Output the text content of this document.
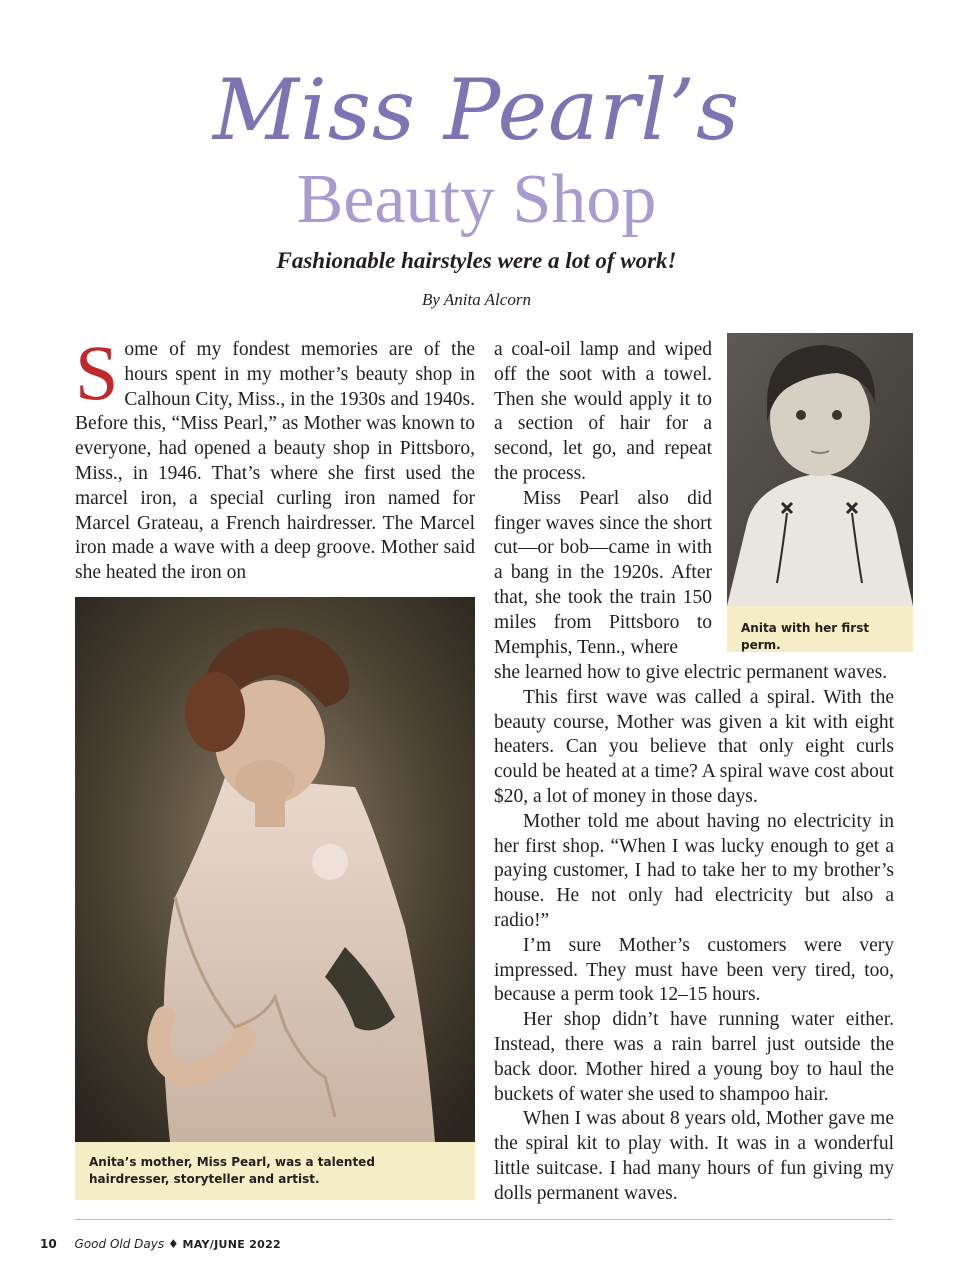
Miss Pearl’s
Beauty Shop
Fashionable hairstyles were a lot of work!
By Anita Alcorn

Some of my fondest memories are of the hours spent in my mother’s beauty shop in Calhoun City, Miss., in the 1930s and 1940s. Before this, “Miss Pearl,” as Mother was known to everyone, had opened a beauty shop in Pittsboro, Miss., in 1946. That’s where she first used the marcel iron, a special curling iron named for Marcel Grateau, a French hairdresser. The Marcel iron made a wave with a deep groove. Mother said she heated the iron on

Anita’s mother, Miss Pearl, was a talented hairdresser, storyteller and artist.

a coal-oil lamp and wiped off the soot with a towel. Then she would apply it to a section of hair for a second, let go, and repeat the process.

Miss Pearl also did finger waves since the short cut—or bob—came in with a bang in the 1920s. After that, she took the train 150 miles from Pittsboro to Memphis, Tenn., where

Anita with her first perm.

she learned how to give electric permanent waves.

This first wave was called a spiral. With the beauty course, Mother was given a kit with eight heaters. Can you believe that only eight curls could be heated at a time? A spiral wave cost about $20, a lot of money in those days.

Mother told me about having no electricity in her first shop. “When I was lucky enough to get a paying customer, I had to take her to my brother’s house. He not only had electricity but also a radio!”

I’m sure Mother’s customers were very impressed. They must have been very tired, too, because a perm took 12–15 hours.

Her shop didn’t have running water either. Instead, there was a rain barrel just outside the back door. Mother hired a young boy to haul the buckets of water she used to shampoo hair.

When I was about 8 years old, Mother gave me the spiral kit to play with. It was in a wonderful little suitcase. I had many hours of fun giving my dolls permanent waves.

10 Good Old Days ♦ MAY/JUNE 2022
